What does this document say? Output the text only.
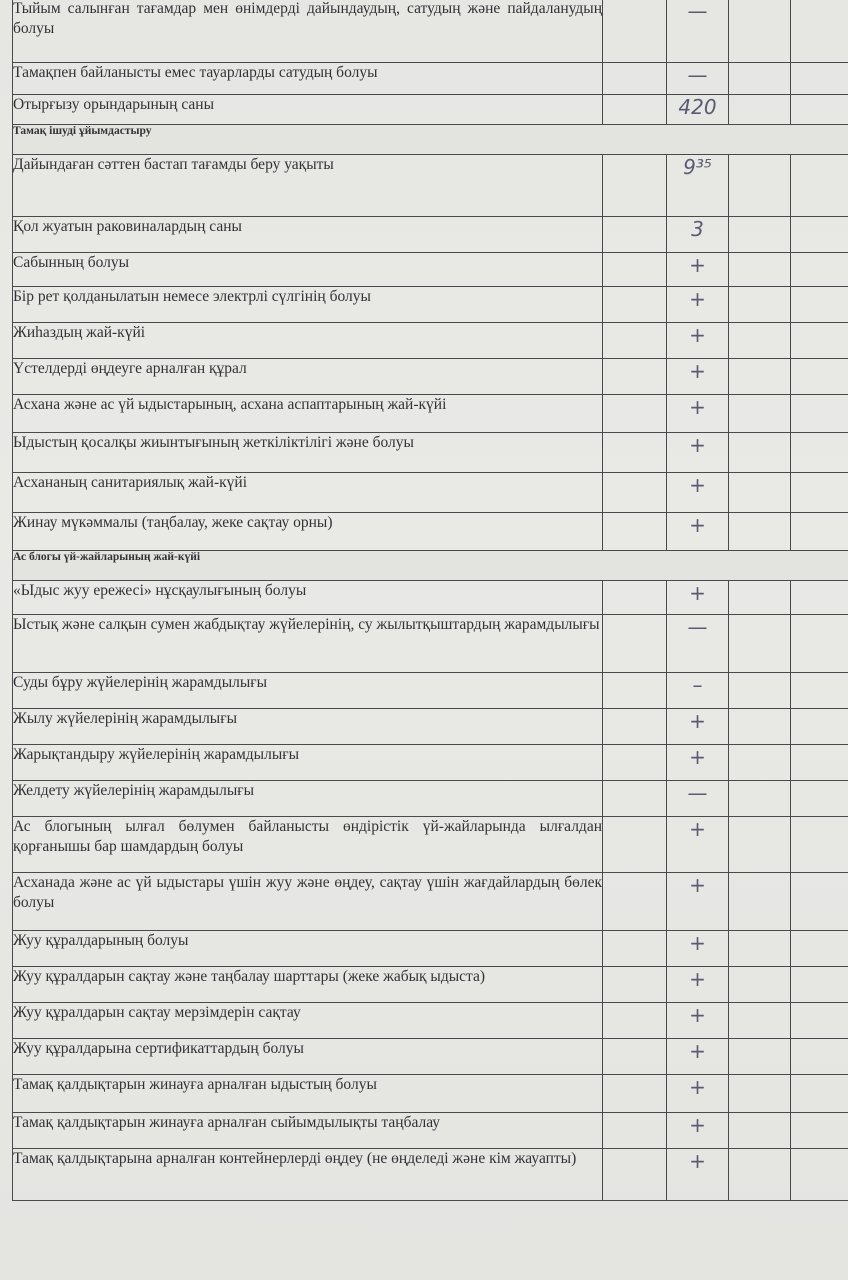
Тыйым салынған тағамдар мен өнімдерді дайындаудың, сатудың және пайдаланудың болуы		—		
Тамақпен байланысты емес тауарларды сатудың болуы		—		
Отырғызу орындарының саны		420		
Тамақ ішуді ұйымдастыру				
Дайындаған сәттен бастап тағамды беру уақыты		9³⁵		
Қол жуатын раковиналардың саны		3		
Сабынның болуы		+		
Бір рет қолданылатын немесе электрлі сүлгінің болуы		+		
Жиһаздың жай-күйі		+		
Үстелдерді өңдеуге арналған құрал		+		
Асхана және ас үй ыдыстарының, асхана аспаптарының жай-күйі		+		
Ыдыстың қосалқы жиынтығының жеткіліктілігі және болуы		+		
Асхананың санитариялық жай-күйі		+		
Жинау мүкәммалы (таңбалау, жеке сақтау орны)		+		
Ас блогы үй-жайларының жай-күйі				
«Ыдыс жуу ережесі» нұсқаулығының болуы		+		
Ыстық және салқын сумен жабдықтау жүйелерінің, су жылытқыштардың жарамдылығы		—		
Суды бұру жүйелерінің жарамдылығы		–		
Жылу жүйелерінің жарамдылығы		+		
Жарықтандыру жүйелерінің жарамдылығы		+		
Желдету жүйелерінің жарамдылығы		—		
Ас блогының ылғал бөлумен байланысты өндірістік үй-жайларында ылғалдан қорғанышы бар шамдардың болуы		+		
Асханада және ас үй ыдыстары үшін жуу және өңдеу, сақтау үшін жағдайлардың бөлек болуы		+		
Жуу құралдарының болуы		+		
Жуу құралдарын сақтау және таңбалау шарттары (жеке жабық ыдыста)		+		
Жуу құралдарын сақтау мерзімдерін сақтау		+		
Жуу құралдарына сертификаттардың болуы		+		
Тамақ қалдықтарын жинауға арналған ыдыстың болуы		+		
Тамақ қалдықтарын жинауға арналған сыйымдылықты таңбалау		+		
Тамақ қалдықтарына арналған контейнерлерді өңдеу (не өңделеді және кім жауапты)		+		
